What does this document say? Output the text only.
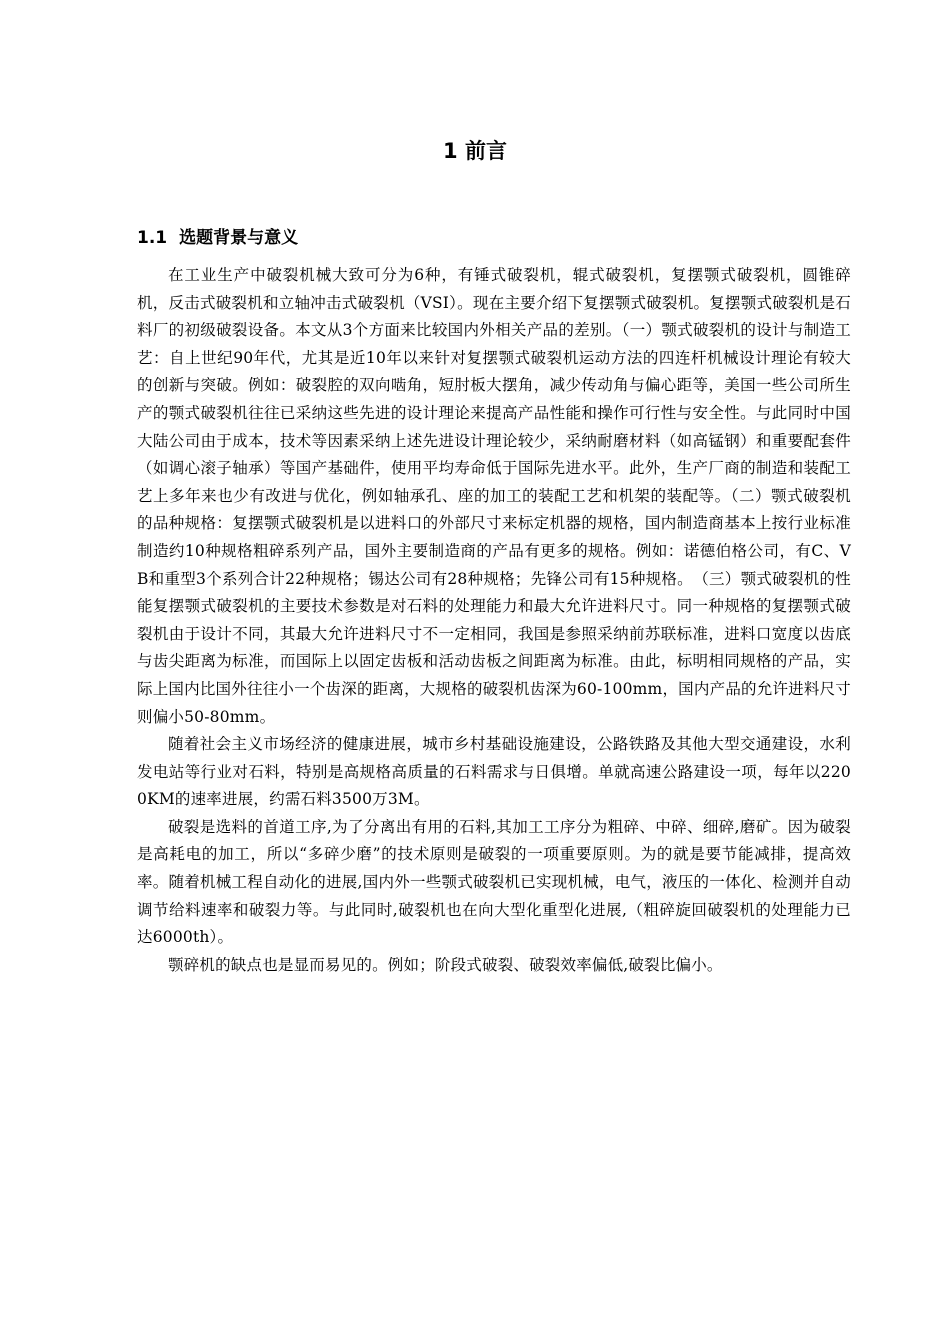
1 前言
1.1 选题背景与意义

在工业生产中破裂机械大致可分为6种，有锤式破裂机，辊式破裂机，复摆颚式破裂机，圆锥碎机，反击式破裂机和立轴冲击式破裂机（VSI）。现在主要介绍下复摆颚式破裂机。复摆颚式破裂机是石料厂的初级破裂设备。本文从3个方面来比较国内外相关产品的差别。（一）颚式破裂机的设计与制造工艺：自上世纪90年代，尤其是近10年以来针对复摆颚式破裂机运动方法的四连杆机械设计理论有较大的创新与突破。例如：破裂腔的双向啮角，短肘板大摆角，减少传动角与偏心距等，美国一些公司所生产的颚式破裂机往往已采纳这些先进的设计理论来提高产品性能和操作可行性与安全性。与此同时中国大陆公司由于成本，技术等因素采纳上述先进设计理论较少，采纳耐磨材料（如高锰钢）和重要配套件（如调心滚子轴承）等国产基础件，使用平均寿命低于国际先进水平。此外，生产厂商的制造和装配工艺上多年来也少有改进与优化，例如轴承孔、座的加工的装配工艺和机架的装配等。（二）颚式破裂机的品种规格：复摆颚式破裂机是以进料口的外部尺寸来标定机器的规格，国内制造商基本上按行业标准制造约10种规格粗碎系列产品，国外主要制造商的产品有更多的规格。例如：诺德伯格公司，有C、VB和重型3个系列合计22种规格；锡达公司有28种规格；先锋公司有15种规格。　（三）颚式破裂机的性能复摆颚式破裂机的主要技术参数是对石料的处理能力和最大允许进料尺寸。同一种规格的复摆颚式破裂机由于设计不同，其最大允许进料尺寸不一定相同，我国是参照采纳前苏联标准，进料口宽度以齿底与齿尖距离为标准，而国际上以固定齿板和活动齿板之间距离为标准。由此，标明相同规格的产品，实际上国内比国外往往小一个齿深的距离，大规格的破裂机齿深为60-100mm，国内产品的允许进料尺寸则偏小50-80mm。

随着社会主义市场经济的健康进展，城市乡村基础设施建设，公路铁路及其他大型交通建设，水利发电站等行业对石料，特别是高规格高质量的石料需求与日俱增。单就高速公路建设一项，每年以2200KM的速率进展，约需石料3500万3M。

破裂是选料的首道工序,为了分离出有用的石料,其加工工序分为粗碎、中碎、细碎,磨矿。因为破裂是高耗电的加工，所以“多碎少磨”的技术原则是破裂的一项重要原则。为的就是要节能减排，提高效率。随着机械工程自动化的进展,国内外一些颚式破裂机已实现机械，电气，液压的一体化、检测并自动调节给料速率和破裂力等。与此同时,破裂机也在向大型化重型化进展,（粗碎旋回破裂机的处理能力已达6000th）。

颚碎机的缺点也是显而易见的。例如；阶段式破裂、破裂效率偏低,破裂比偏小。
